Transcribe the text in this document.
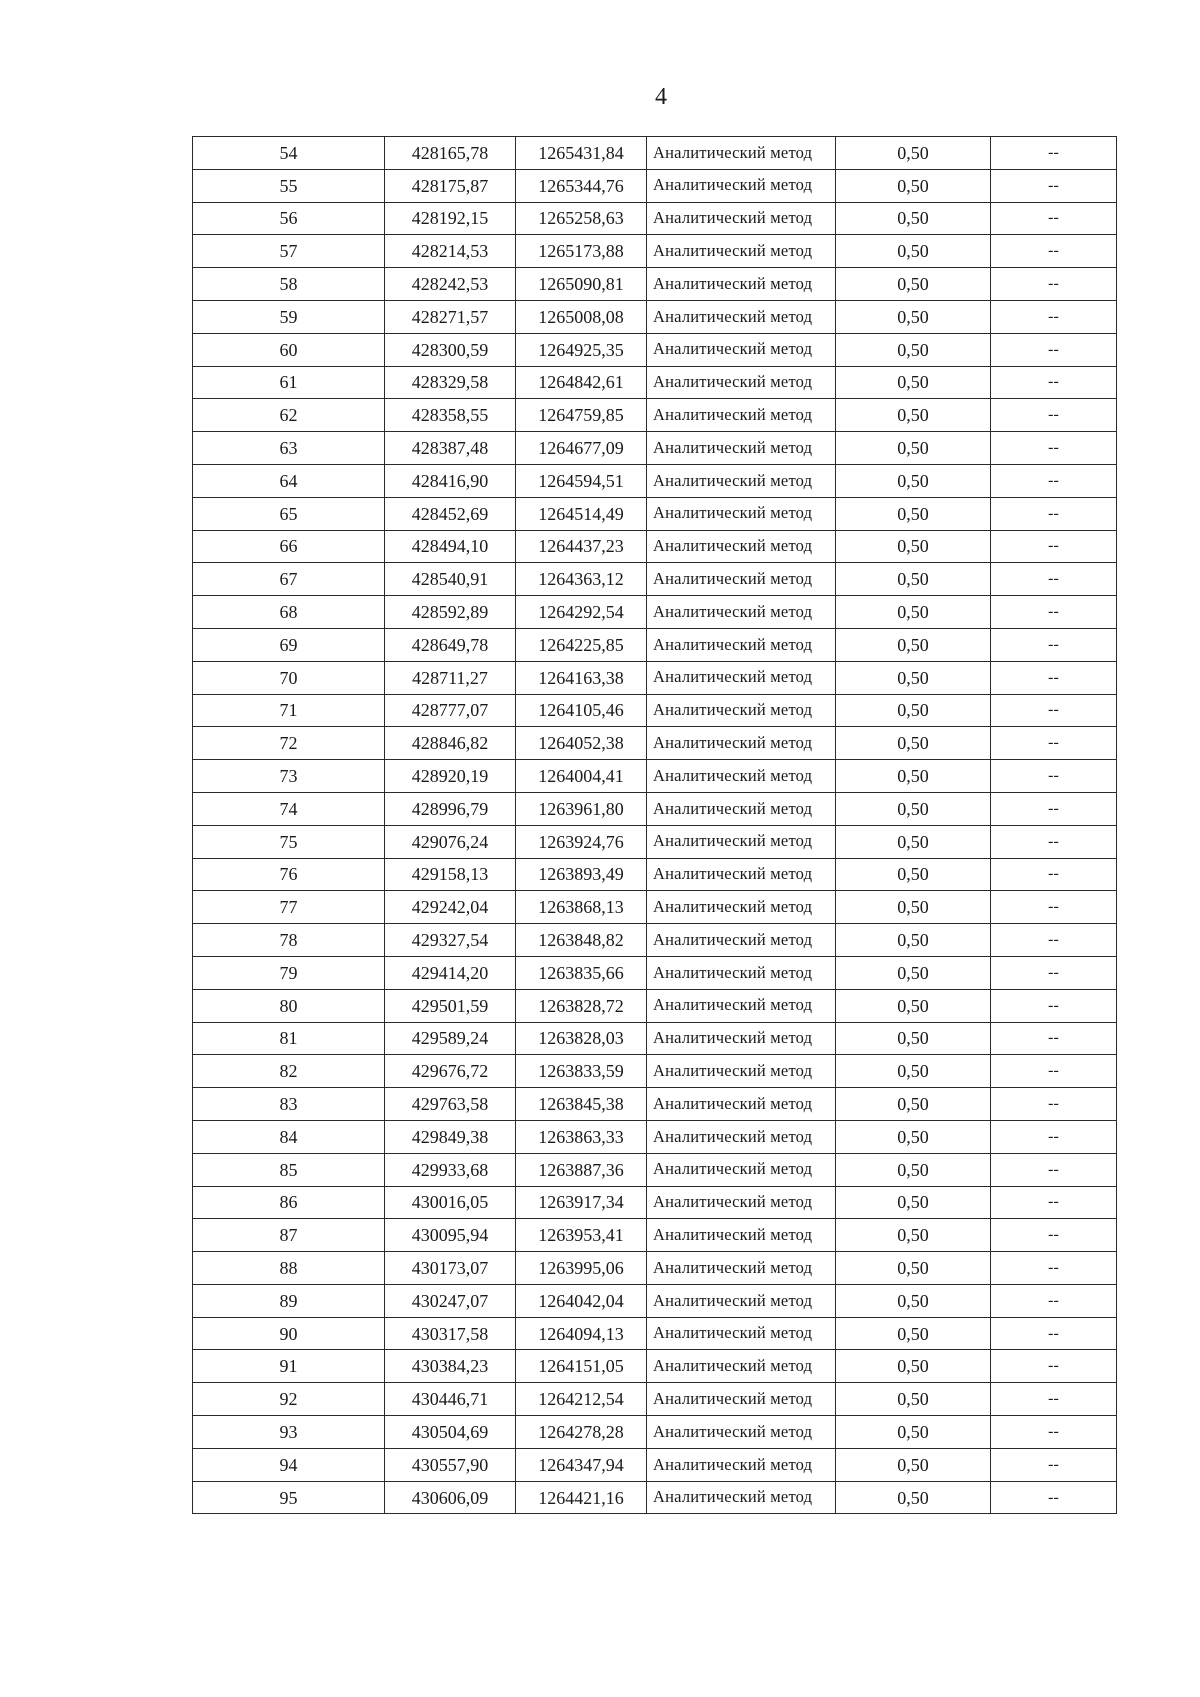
4
54	428165,78	1265431,84	Аналитический метод	0,50	--
55	428175,87	1265344,76	Аналитический метод	0,50	--
56	428192,15	1265258,63	Аналитический метод	0,50	--
57	428214,53	1265173,88	Аналитический метод	0,50	--
58	428242,53	1265090,81	Аналитический метод	0,50	--
59	428271,57	1265008,08	Аналитический метод	0,50	--
60	428300,59	1264925,35	Аналитический метод	0,50	--
61	428329,58	1264842,61	Аналитический метод	0,50	--
62	428358,55	1264759,85	Аналитический метод	0,50	--
63	428387,48	1264677,09	Аналитический метод	0,50	--
64	428416,90	1264594,51	Аналитический метод	0,50	--
65	428452,69	1264514,49	Аналитический метод	0,50	--
66	428494,10	1264437,23	Аналитический метод	0,50	--
67	428540,91	1264363,12	Аналитический метод	0,50	--
68	428592,89	1264292,54	Аналитический метод	0,50	--
69	428649,78	1264225,85	Аналитический метод	0,50	--
70	428711,27	1264163,38	Аналитический метод	0,50	--
71	428777,07	1264105,46	Аналитический метод	0,50	--
72	428846,82	1264052,38	Аналитический метод	0,50	--
73	428920,19	1264004,41	Аналитический метод	0,50	--
74	428996,79	1263961,80	Аналитический метод	0,50	--
75	429076,24	1263924,76	Аналитический метод	0,50	--
76	429158,13	1263893,49	Аналитический метод	0,50	--
77	429242,04	1263868,13	Аналитический метод	0,50	--
78	429327,54	1263848,82	Аналитический метод	0,50	--
79	429414,20	1263835,66	Аналитический метод	0,50	--
80	429501,59	1263828,72	Аналитический метод	0,50	--
81	429589,24	1263828,03	Аналитический метод	0,50	--
82	429676,72	1263833,59	Аналитический метод	0,50	--
83	429763,58	1263845,38	Аналитический метод	0,50	--
84	429849,38	1263863,33	Аналитический метод	0,50	--
85	429933,68	1263887,36	Аналитический метод	0,50	--
86	430016,05	1263917,34	Аналитический метод	0,50	--
87	430095,94	1263953,41	Аналитический метод	0,50	--
88	430173,07	1263995,06	Аналитический метод	0,50	--
89	430247,07	1264042,04	Аналитический метод	0,50	--
90	430317,58	1264094,13	Аналитический метод	0,50	--
91	430384,23	1264151,05	Аналитический метод	0,50	--
92	430446,71	1264212,54	Аналитический метод	0,50	--
93	430504,69	1264278,28	Аналитический метод	0,50	--
94	430557,90	1264347,94	Аналитический метод	0,50	--
95	430606,09	1264421,16	Аналитический метод	0,50	--
